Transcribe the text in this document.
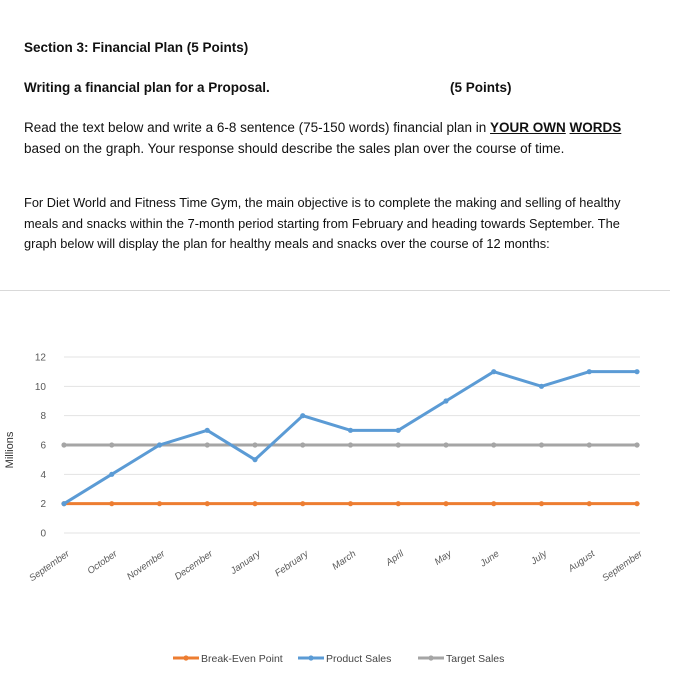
Section 3: Financial Plan (5 Points)
Writing a financial plan for a Proposal.	(5 Points)
Read the text below and write a 6-8 sentence (75-150 words) financial plan in YOUR OWN WORDS based on the graph. Your response should describe the sales plan over the course of time.
For Diet World and Fitness Time Gym, the main objective is to complete the making and selling of healthy meals and snacks within the 7-month period starting from February and heading towards September. The graph below will display the plan for healthy meals and snacks over the course of 12 months:
Millions
0
2
4
6
8
10
12
September October November December January February March	April	May	June	July August September
Break-Even Point	Product Sales	Target Sales
